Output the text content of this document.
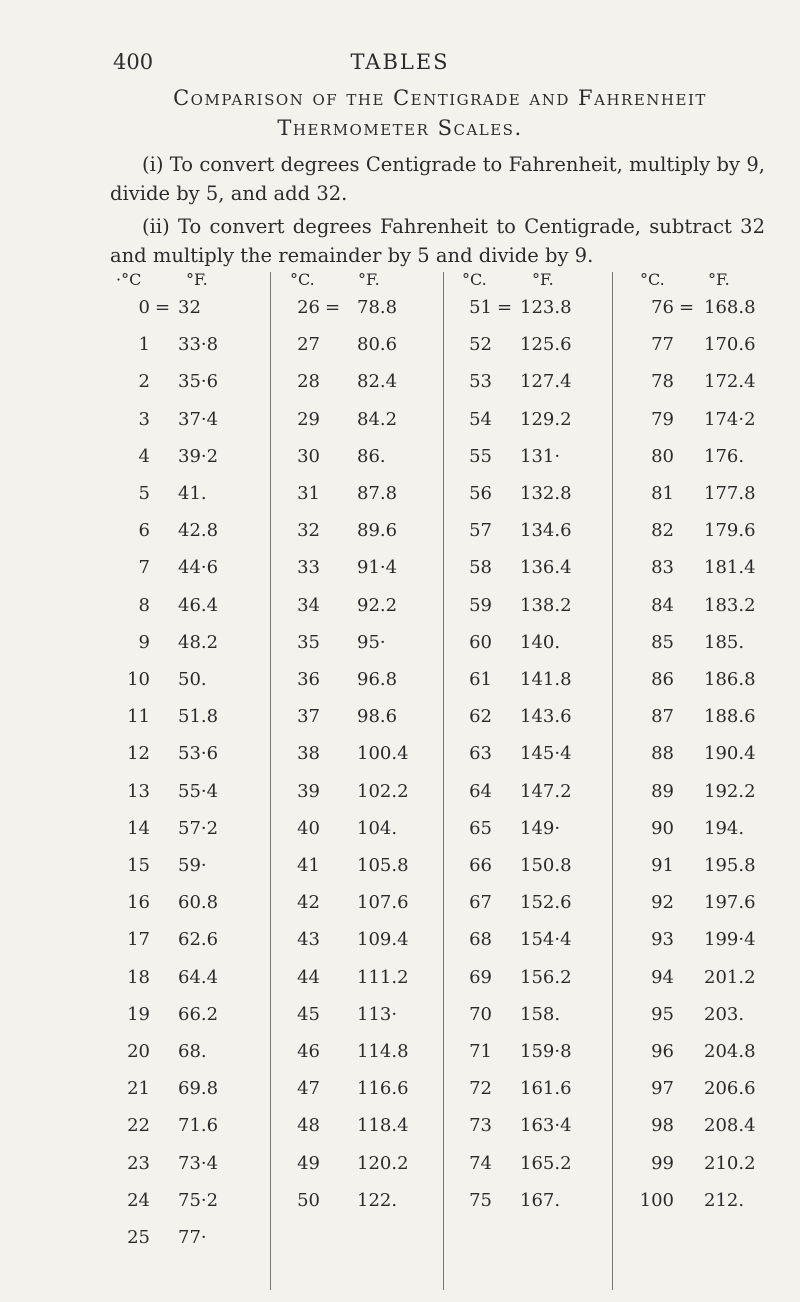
400	TABLES
Comparison of the Centigrade and Fahrenheit
Thermometer Scales.
(i) To convert degrees Centigrade to Fahrenheit, multiply by 9, divide by 5, and add 32.
(ii) To convert degrees Fahrenheit to Centigrade, subtract 32 and multiply the remainder by 5 and divide by 9.
·°C	°F.
0 = 32
1 33·8
2 35·6
3 37·4
4 39·2
5 41.
6 42.8
7 44·6
8 46.4
9 48.2
10 50.
11 51.8
12 53·6
13 55·4
14 57·2
15 59·
16 60.8
17 62.6
18 64.4
19 66.2
20 68.
21 69.8
22 71.6
23 73·4
24 75·2
25 77·
°C.	°F.
26 = 78.8
27 80.6
28 82.4
29 84.2
30 86.
31 87.8
32 89.6
33 91·4
34 92.2
35 95·
36 96.8
37 98.6
38 100.4
39 102.2
40 104.
41 105.8
42 107.6
43 109.4
44 111.2
45 113·
46 114.8
47 116.6
48 118.4
49 120.2
50 122.
°C.	°F.
51 = 123.8
52 125.6
53 127.4
54 129.2
55 131·
56 132.8
57 134.6
58 136.4
59 138.2
60 140.
61 141.8
62 143.6
63 145·4
64 147.2
65 149·
66 150.8
67 152.6
68 154·4
69 156.2
70 158.
71 159·8
72 161.6
73 163·4
74 165.2
75 167.
°C.	°F.
76 = 168.8
77 170.6
78 172.4
79 174·2
80 176.
81 177.8
82 179.6
83 181.4
84 183.2
85 185.
86 186.8
87 188.6
88 190.4
89 192.2
90 194.
91 195.8
92 197.6
93 199·4
94 201.2
95 203.
96 204.8
97 206.6
98 208.4
99 210.2
100 212.
